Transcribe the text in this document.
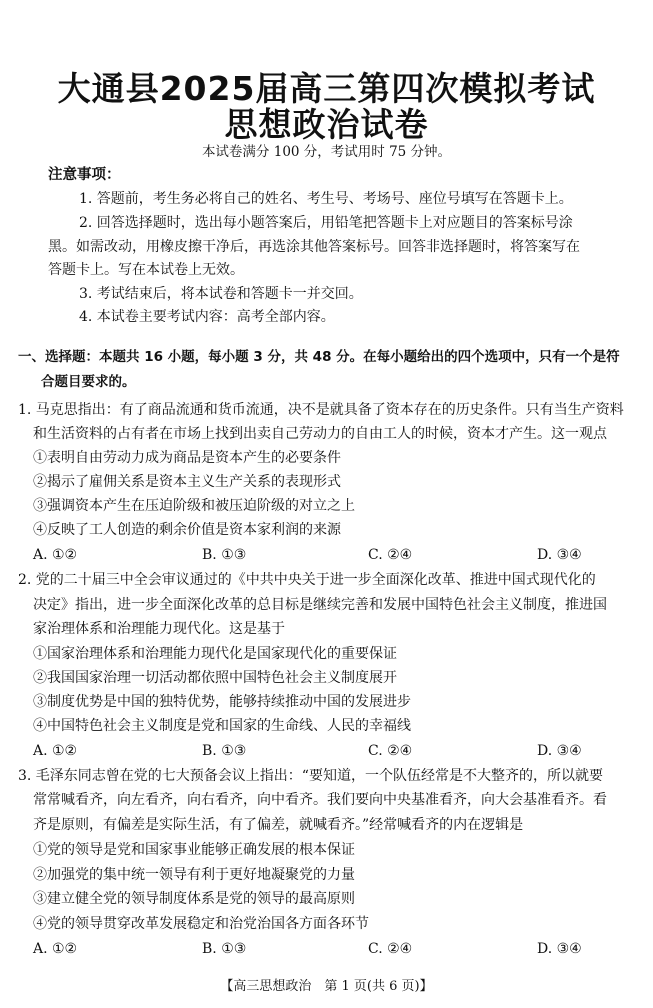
大通县2025届高三第四次模拟考试
思想政治试卷
本试卷满分 100 分，考试用时 75 分钟。
注意事项：
1. 答题前，考生务必将自己的姓名、考生号、考场号、座位号填写在答题卡上。
2. 回答选择题时，选出每小题答案后，用铅笔把答题卡上对应题目的答案标号涂
黑。如需改动，用橡皮擦干净后，再选涂其他答案标号。回答非选择题时，将答案写在
答题卡上。写在本试卷上无效。
3. 考试结束后，将本试卷和答题卡一并交回。
4. 本试卷主要考试内容：高考全部内容。
一、选择题：本题共 16 小题，每小题 3 分，共 48 分。在每小题给出的四个选项中，只有一个是符
合题目要求的。
1. 马克思指出：有了商品流通和货币流通，决不是就具备了资本存在的历史条件。只有当生产资料
和生活资料的占有者在市场上找到出卖自己劳动力的自由工人的时候，资本才产生。这一观点
①表明自由劳动力成为商品是资本产生的必要条件
②揭示了雇佣关系是资本主义生产关系的表现形式
③强调资本产生在压迫阶级和被压迫阶级的对立之上
④反映了工人创造的剩余价值是资本家利润的来源
A. ①②	B. ①③	C. ②④	D. ③④
2. 党的二十届三中全会审议通过的《中共中央关于进一步全面深化改革、推进中国式现代化的
决定》指出，进一步全面深化改革的总目标是继续完善和发展中国特色社会主义制度，推进国
家治理体系和治理能力现代化。这是基于
①国家治理体系和治理能力现代化是国家现代化的重要保证
②我国国家治理一切活动都依照中国特色社会主义制度展开
③制度优势是中国的独特优势，能够持续推动中国的发展进步
④中国特色社会主义制度是党和国家的生命线、人民的幸福线
A. ①②	B. ①③	C. ②④	D. ③④
3. 毛泽东同志曾在党的七大预备会议上指出：“要知道，一个队伍经常是不大整齐的，所以就要
常常喊看齐，向左看齐，向右看齐，向中看齐。我们要向中央基准看齐，向大会基准看齐。看
齐是原则，有偏差是实际生活，有了偏差，就喊看齐。”经常喊看齐的内在逻辑是
①党的领导是党和国家事业能够正确发展的根本保证
②加强党的集中统一领导有利于更好地凝聚党的力量
③建立健全党的领导制度体系是党的领导的最高原则
④党的领导贯穿改革发展稳定和治党治国各方面各环节
A. ①②	B. ①③	C. ②④	D. ③④
【高三思想政治　第 1 页(共 6 页)】
